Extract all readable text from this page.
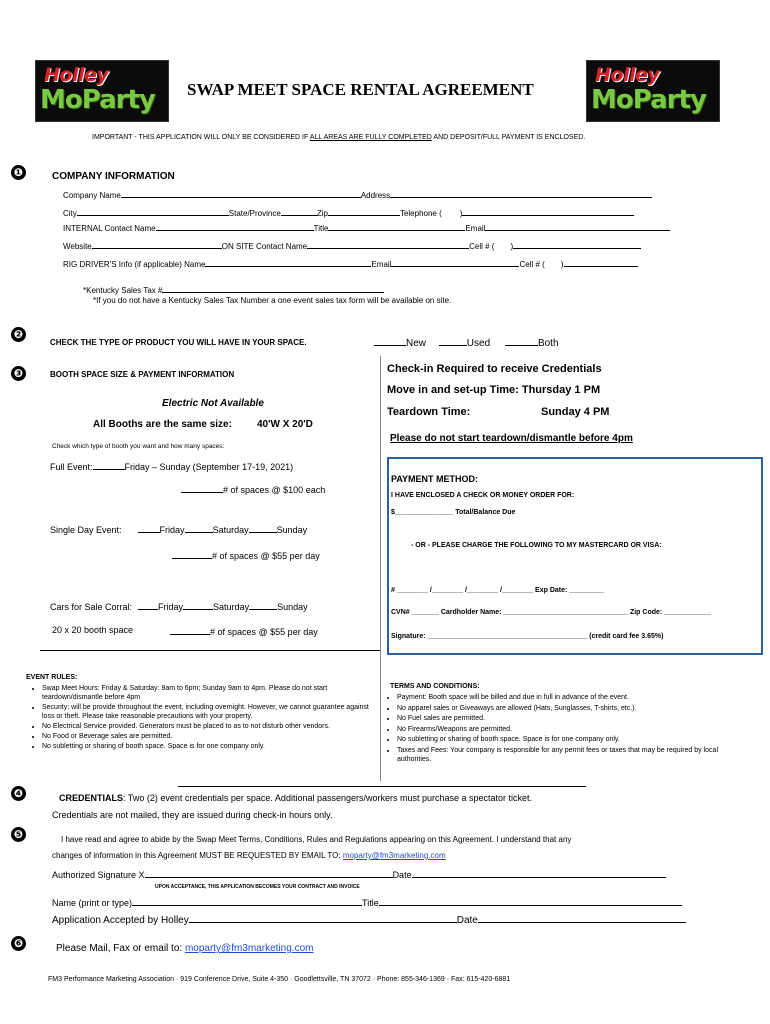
Holley
MoParty
Holley
MoParty
SWAP MEET SPACE RENTAL AGREEMENT
IMPORTANT - THIS APPLICATION WILL ONLY BE CONSIDERED IF ALL AREAS ARE FULLY COMPLETED AND DEPOSIT/FULL PAYMENT IS ENCLOSED.
❶	COMPANY INFORMATION
Company Name	Address
City	State/Province	Zip	Telephone ( )
INTERNAL Contact Name	Title	Email
Website	ON SITE Contact Name	Cell # ( )
RIG DRIVER'S Info (if applicable) Name	Email	Cell # ( )
*Kentucky Sales Tax #
*If you do not have a Kentucky Sales Tax Number a one event sales tax form will be available on site.
❷
CHECK THE TYPE OF PRODUCT YOU WILL HAVE IN YOUR SPACE.	New	Used	Both
❸	BOOTH SPACE SIZE & PAYMENT INFORMATION	Check-in Required to receive Credentials
Move in and set-up Time: Thursday 1 PM
Teardown Time:	Sunday 4 PM
Please do not start teardown/dismantle before 4pm
Electric Not Available
All Booths are the same size:	40'W X 20'D
Check which type of booth you want and how many spaces:
Full Event:	Friday – Sunday (September 17-19, 2021)
# of spaces @ $100 each
Single Day Event:	Friday	Saturday	Sunday
# of spaces @ $55 per day
Cars for Sale Corral:	Friday	Saturday	Sunday
20 x 20 booth space	# of spaces @ $55 per day
PAYMENT METHOD:
I HAVE ENCLOSED A CHECK OR MONEY ORDER FOR:
$_______________ Total/Balance Due
- OR - PLEASE CHARGE THE FOLLOWING TO MY MASTERCARD OR VISA:
# ________ /________ /________ /________ Exp Date: _________
CVN# _______ Cardholder Name: ________________________________ Zip Code: ____________
Signature: _________________________________________ (credit card fee 3.65%)
EVENT RULES:
• Swap Meet Hours: Friday & Saturday: 9am to 6pm; Sunday 9am to 4pm. Please do not start teardown/dismantle before 4pm
• Security: will be provide throughout the event, including overnight. However, we cannot guarantee against loss or theft. Please take reasonable precautions with your property.
• No Electrical Service provided. Generators must be placed to as to not disturb other vendors.
• No Food or Beverage sales are permitted.
• No subletting or sharing of booth space. Space is for one company only.
TERMS AND CONDITIONS:
• Payment: Booth space will be billed and due in full in advance of the event.
• No apparel sales or Giveaways are allowed (Hats, Sunglasses, T-shirts, etc.).
• No Fuel sales are permitted.
• No Firearms/Weapons are permitted.
• No subletting or sharing of booth space. Space is for one company only.
• Taxes and Fees: Your company is responsible for any permit fees or taxes that may be required by local authorities.
❹	CREDENTIALS: Two (2) event credentials per space. Additional passengers/workers must purchase a spectator ticket.
Credentials are not mailed, they are issued during check-in hours only.
❺	I have read and agree to abide by the Swap Meet Terms, Conditions, Rules and Regulations appearing on this Agreement. I understand that any
changes of information in this Agreement MUST BE REQUESTED BY EMAIL TO: moparty@fm3marketing.com
Authorized Signature X	Date
UPON ACCEPTANCE, THIS APPLICATION BECOMES YOUR CONTRACT AND INVOICE
Name (print or type)	Title
Application Accepted by Holley	Date
❻	Please Mail, Fax or email to: moparty@fm3marketing.com
FM3 Performance Marketing Association · 919 Conference Drive, Suite 4-350 · Goodlettsville, TN 37072 · Phone: 855-346-1369 · Fax: 615-420-6881
